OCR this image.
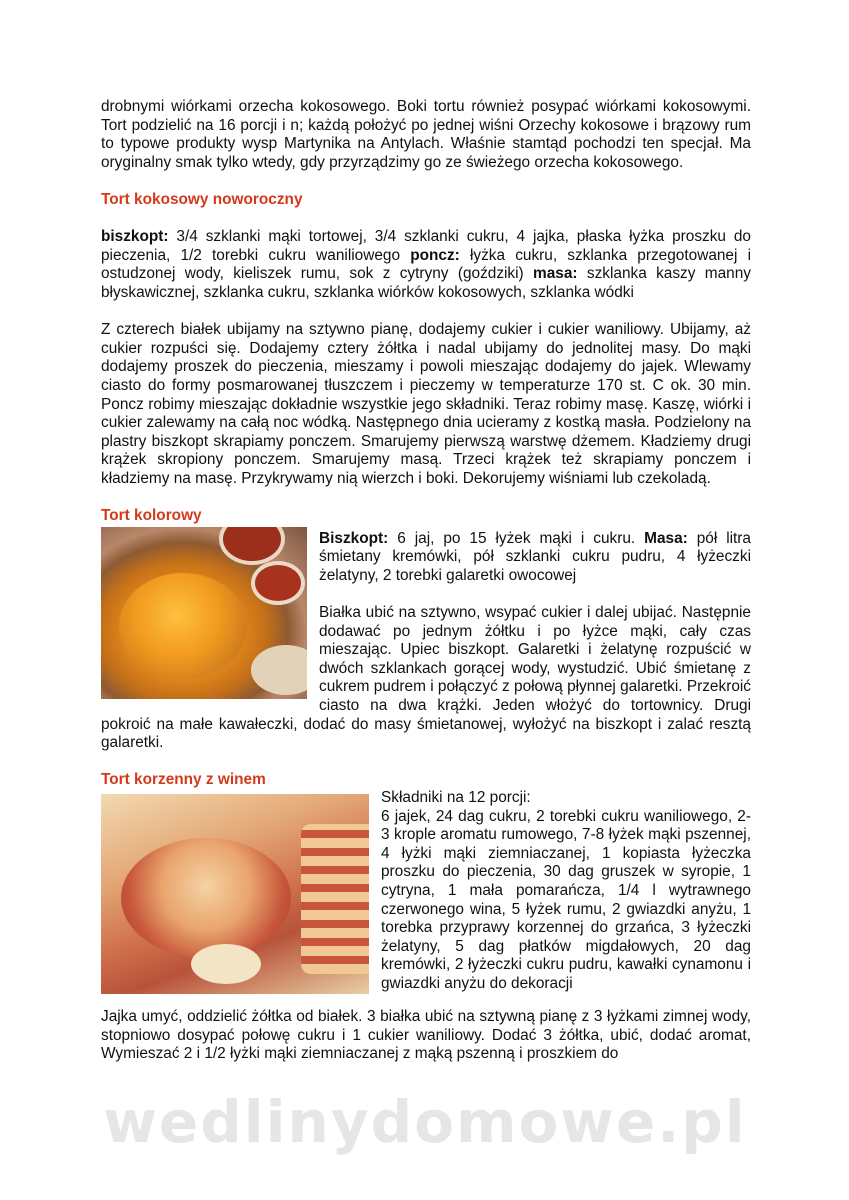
drobnymi wiórkami orzecha kokosowego. Boki tortu również posypać wiórkami kokosowymi. Tort podzielić na 16 porcji i n; każdą położyć po jednej wiśni Orzechy kokosowe i brązowy rum to typowe produkty wysp Martynika na Antylach. Właśnie stamtąd pochodzi ten specjał. Ma oryginalny smak tylko wtedy, gdy przyrządzimy go ze świeżego orzecha kokosowego.

Tort kokosowy noworoczny

biszkopt: 3/4 szklanki mąki tortowej, 3/4 szklanki cukru, 4 jajka, płaska łyżka proszku do pieczenia, 1/2 torebki cukru waniliowego poncz: łyżka cukru, szklanka przegotowanej i ostudzonej wody, kieliszek rumu, sok z cytryny (goździki) masa: szklanka kaszy manny błyskawicznej, szklanka cukru, szklanka wiórków kokosowych, szklanka wódki

Z czterech białek ubijamy na sztywno pianę, dodajemy cukier i cukier waniliowy. Ubijamy, aż cukier rozpuści się. Dodajemy cztery żółtka i nadal ubijamy do jednolitej masy. Do mąki dodajemy proszek do pieczenia, mieszamy i powoli mieszając dodajemy do jajek. Wlewamy ciasto do formy posmarowanej tłuszczem i pieczemy w temperaturze 170 st. C ok. 30 min. Poncz robimy mieszając dokładnie wszystkie jego składniki. Teraz robimy masę. Kaszę, wiórki i cukier zalewamy na całą noc wódką. Następnego dnia ucieramy z kostką masła. Podzielony na plastry biszkopt skrapiamy ponczem. Smarujemy pierwszą warstwę dżemem. Kładziemy drugi krążek skropiony ponczem. Smarujemy masą. Trzeci krążek też skrapiamy ponczem i kładziemy na masę. Przykrywamy nią wierzch i boki. Dekorujemy wiśniami lub czekoladą.

Tort kolorowy

Biszkopt: 6 jaj, po 15 łyżek mąki i cukru. Masa: pół litra śmietany kremówki, pół szklanki cukru pudru, 4 łyżeczki żelatyny, 2 torebki galaretki owocowej

Białka ubić na sztywno, wsypać cukier i dalej ubijać. Następnie dodawać po jednym żółtku i po łyżce mąki, cały czas mieszając. Upiec biszkopt. Galaretki i żelatynę rozpuścić w dwóch szklankach gorącej wody, wystudzić. Ubić śmietanę z cukrem pudrem i połączyć z połową płynnej galaretki. Przekroić ciasto na dwa krążki. Jeden włożyć do tortownicy. Drugi pokroić na małe kawałeczki, dodać do masy śmietanowej, wyłożyć na biszkopt i zalać resztą galaretki.

Tort korzenny z winem

Składniki na 12 porcji:

6 jajek, 24 dag cukru, 2 torebki cukru waniliowego, 2-3 krople aromatu rumowego, 7-8 łyżek mąki pszennej, 4 łyżki mąki ziemniaczanej, 1 kopiasta łyżeczka proszku do pieczenia, 30 dag gruszek w syropie, 1 cytryna, 1 mała pomarańcza, 1/4 l wytrawnego czerwonego wina, 5 łyżek rumu, 2 gwiazdki anyżu, 1 torebka przyprawy korzennej do grzańca, 3 łyżeczki żelatyny, 5 dag płatków migdałowych, 20 dag kremówki, 2 łyżeczki cukru pudru, kawałki cynamonu i gwiazdki anyżu do dekoracji

Jajka umyć, oddzielić żółtka od białek. 3 białka ubić na sztywną pianę z 3 łyżkami zimnej wody, stopniowo dosypać połowę cukru i 1 cukier waniliowy. Dodać 3 żółtka, ubić, dodać aromat, Wymieszać 2 i 1/2 łyżki mąki ziemniaczanej z mąką pszenną i proszkiem do

wedlinydomowe.pl
